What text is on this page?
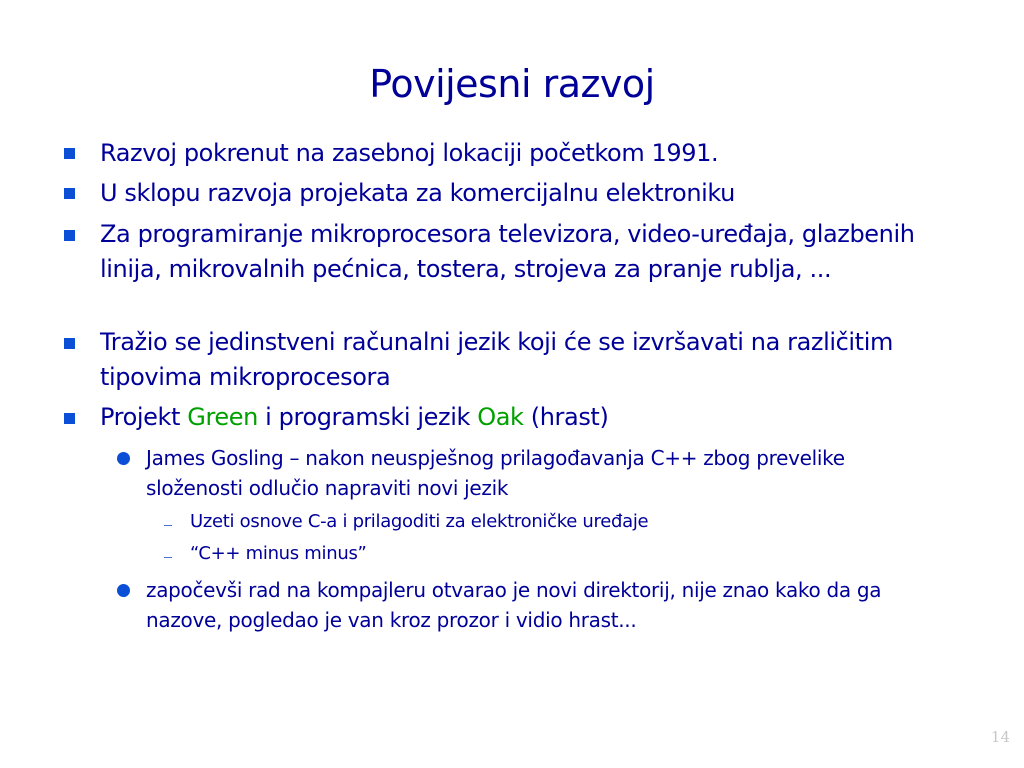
Povijesni razvoj
Razvoj pokrenut na zasebnoj lokaciji početkom 1991.
U sklopu razvoja projekata za komercijalnu elektroniku
Za programiranje mikroprocesora televizora, video-uređaja, glazbenih linija, mikrovalnih pećnica, tostera, strojeva za pranje rublja, ...
Tražio se jedinstveni računalni jezik koji će se izvršavati na različitim tipovima mikroprocesora
Projekt Green i programski jezik Oak (hrast)
James Gosling – nakon neuspješnog prilagođavanja C++ zbog prevelike složenosti odlučio napraviti novi jezik
Uzeti osnove C-a i prilagoditi za elektroničke uređaje
“C++ minus minus”
započevši rad na kompajleru otvarao je novi direktorij, nije znao kako da ga nazove, pogledao je van kroz prozor i vidio hrast...
14
